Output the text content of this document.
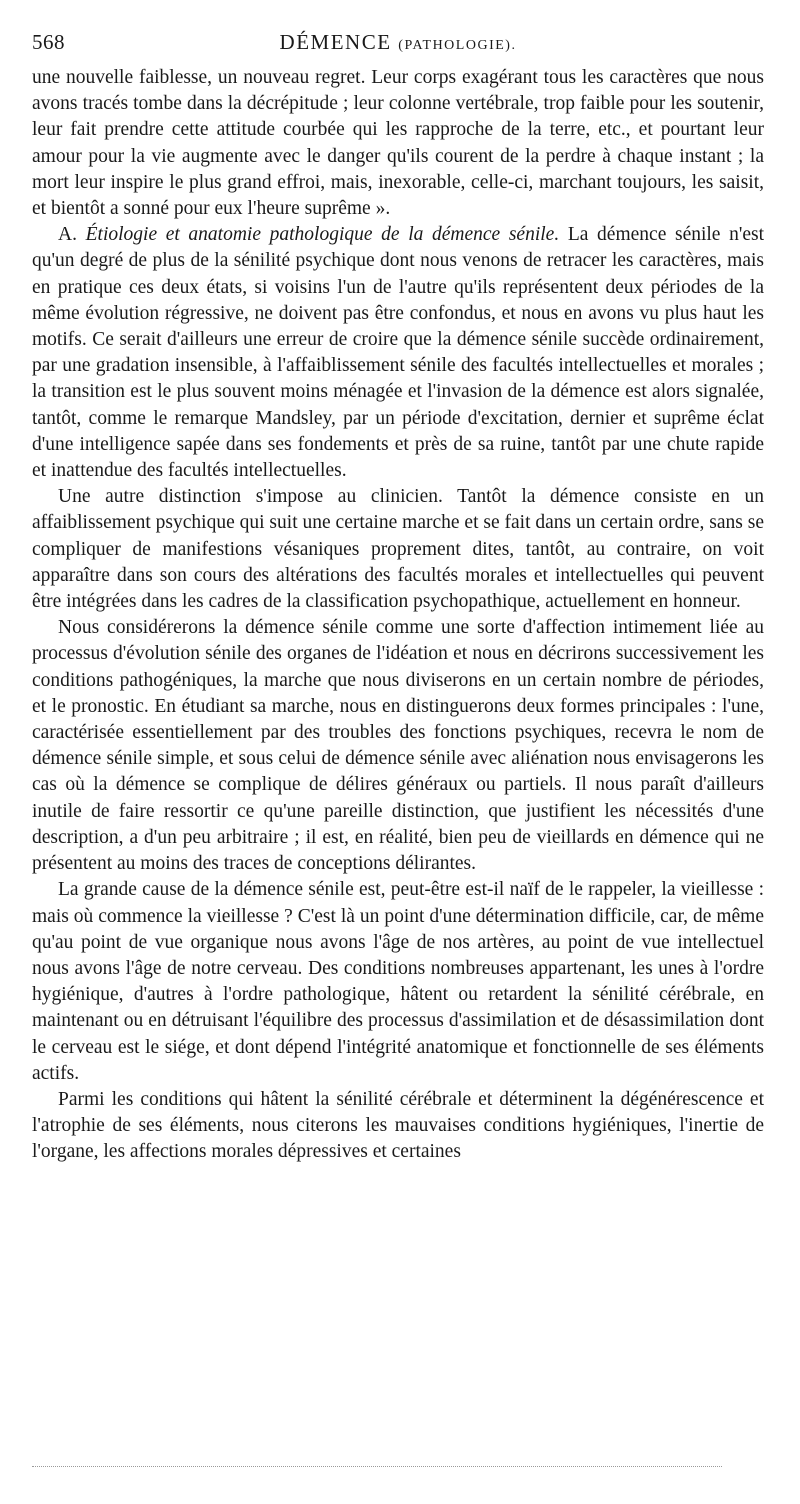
568	DÉMENCE (PATHOLOGIE).

une nouvelle faiblesse, un nouveau regret. Leur corps exagérant tous les caractères que nous avons tracés tombe dans la décrépitude ; leur colonne vertébrale, trop faible pour les soutenir, leur fait prendre cette attitude courbée qui les rapproche de la terre, etc., et pourtant leur amour pour la vie augmente avec le danger qu'ils courent de la perdre à chaque instant ; la mort leur inspire le plus grand effroi, mais, inexorable, celle-ci, marchant toujours, les saisit, et bientôt a sonné pour eux l'heure suprême ».

A. Étiologie et anatomie pathologique de la démence sénile. La démence sénile n'est qu'un degré de plus de la sénilité psychique dont nous venons de retracer les caractères, mais en pratique ces deux états, si voisins l'un de l'autre qu'ils représentent deux périodes de la même évolution régressive, ne doivent pas être confondus, et nous en avons vu plus haut les motifs. Ce serait d'ailleurs une erreur de croire que la démence sénile succède ordinairement, par une gradation insensible, à l'affaiblissement sénile des facultés intellectuelles et morales ; la transition est le plus souvent moins ménagée et l'invasion de la démence est alors signalée, tantôt, comme le remarque Mandsley, par un période d'excitation, dernier et suprême éclat d'une intelligence sapée dans ses fondements et près de sa ruine, tantôt par une chute rapide et inattendue des facultés intellectuelles.

Une autre distinction s'impose au clinicien. Tantôt la démence consiste en un affaiblissement psychique qui suit une certaine marche et se fait dans un certain ordre, sans se compliquer de manifestions vésaniques proprement dites, tantôt, au contraire, on voit apparaître dans son cours des altérations des facultés morales et intellectuelles qui peuvent être intégrées dans les cadres de la classification psychopathique, actuellement en honneur.

Nous considérerons la démence sénile comme une sorte d'affection intimement liée au processus d'évolution sénile des organes de l'idéation et nous en décrirons successivement les conditions pathogéniques, la marche que nous diviserons en un certain nombre de périodes, et le pronostic. En étudiant sa marche, nous en distinguerons deux formes principales : l'une, caractérisée essentiellement par des troubles des fonctions psychiques, recevra le nom de démence sénile simple, et sous celui de démence sénile avec aliénation nous envisagerons les cas où la démence se complique de délires généraux ou partiels. Il nous paraît d'ailleurs inutile de faire ressortir ce qu'une pareille distinction, que justifient les nécessités d'une description, a d'un peu arbitraire ; il est, en réalité, bien peu de vieillards en démence qui ne présentent au moins des traces de conceptions délirantes.

La grande cause de la démence sénile est, peut-être est-il naïf de le rappeler, la vieillesse : mais où commence la vieillesse ? C'est là un point d'une détermination difficile, car, de même qu'au point de vue organique nous avons l'âge de nos artères, au point de vue intellectuel nous avons l'âge de notre cerveau. Des conditions nombreuses appartenant, les unes à l'ordre hygiénique, d'autres à l'ordre pathologique, hâtent ou retardent la sénilité cérébrale, en maintenant ou en détruisant l'équilibre des processus d'assimilation et de désassimilation dont le cerveau est le siége, et dont dépend l'intégrité anatomique et fonctionnelle de ses éléments actifs.

Parmi les conditions qui hâtent la sénilité cérébrale et déterminent la dégénérescence et l'atrophie de ses éléments, nous citerons les mauvaises conditions hygiéniques, l'inertie de l'organe, les affections morales dépressives et certaines
